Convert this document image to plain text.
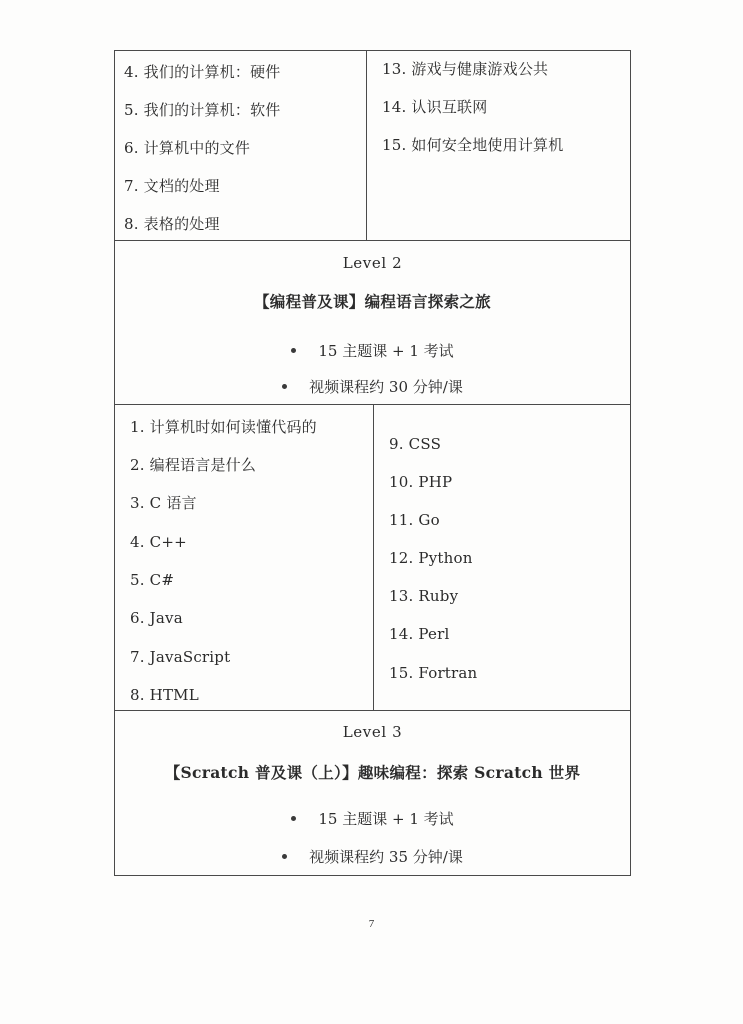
4. 我们的计算机：硬件
5. 我们的计算机：软件
6. 计算机中的文件
7. 文档的处理
8. 表格的处理
13. 游戏与健康游戏公共
14. 认识互联网
15. 如何安全地使用计算机
Level 2
【编程普及课】编程语言探索之旅
15 主题课 + 1 考试
视频课程约 30 分钟/课
1. 计算机时如何读懂代码的
2. 编程语言是什么
3. C 语言
4. C++
5. C#
6. Java
7. JavaScript
8. HTML
9. CSS
10. PHP
11. Go
12. Python
13. Ruby
14. Perl
15. Fortran
Level 3
【Scratch 普及课（上）】趣味编程：探索 Scratch 世界
15 主题课 + 1 考试
视频课程约 35 分钟/课
7
